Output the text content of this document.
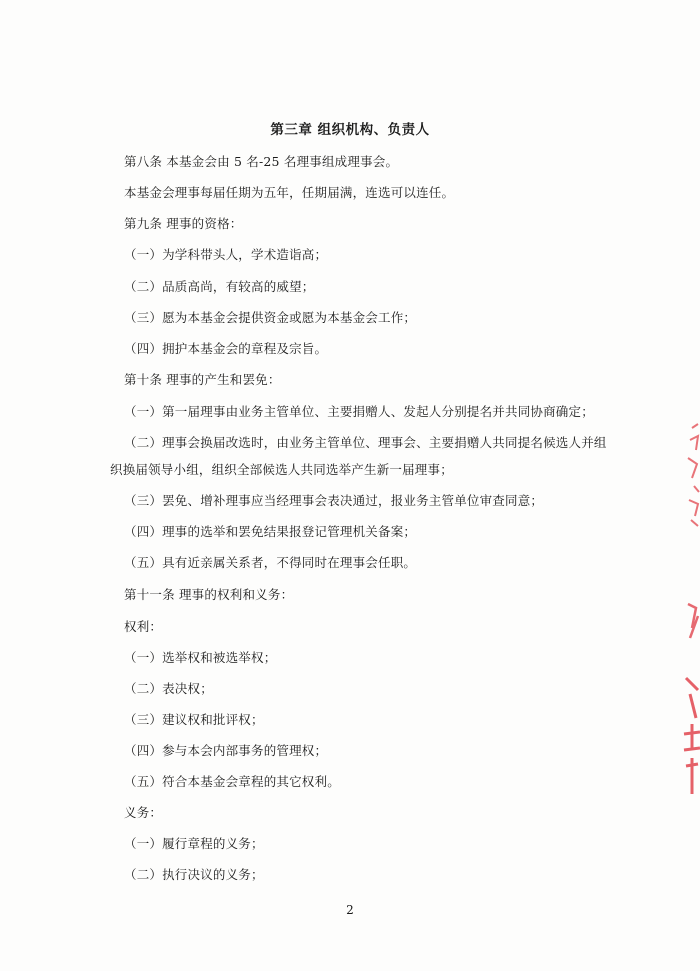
第三章 组织机构、负责人
第八条 本基金会由 5 名-25 名理事组成理事会。
本基金会理事每届任期为五年，任期届满，连选可以连任。
第九条 理事的资格：
（一）为学科带头人，学术造诣高；
（二）品质高尚，有较高的威望；
（三）愿为本基金会提供资金或愿为本基金会工作；
（四）拥护本基金会的章程及宗旨。
第十条 理事的产生和罢免：
（一）第一届理事由业务主管单位、主要捐赠人、发起人分别提名并共同协商确定；
（二）理事会换届改选时，由业务主管单位、理事会、主要捐赠人共同提名候选人并组
织换届领导小组，组织全部候选人共同选举产生新一届理事；
（三）罢免、增补理事应当经理事会表决通过，报业务主管单位审查同意；
（四）理事的选举和罢免结果报登记管理机关备案；
（五）具有近亲属关系者，不得同时在理事会任职。
第十一条 理事的权利和义务：
权利：
（一）选举权和被选举权；
（二）表决权；
（三）建议权和批评权；
（四）参与本会内部事务的管理权；
（五）符合本基金会章程的其它权利。
义务：
（一）履行章程的义务；
（二）执行决议的义务；
2
